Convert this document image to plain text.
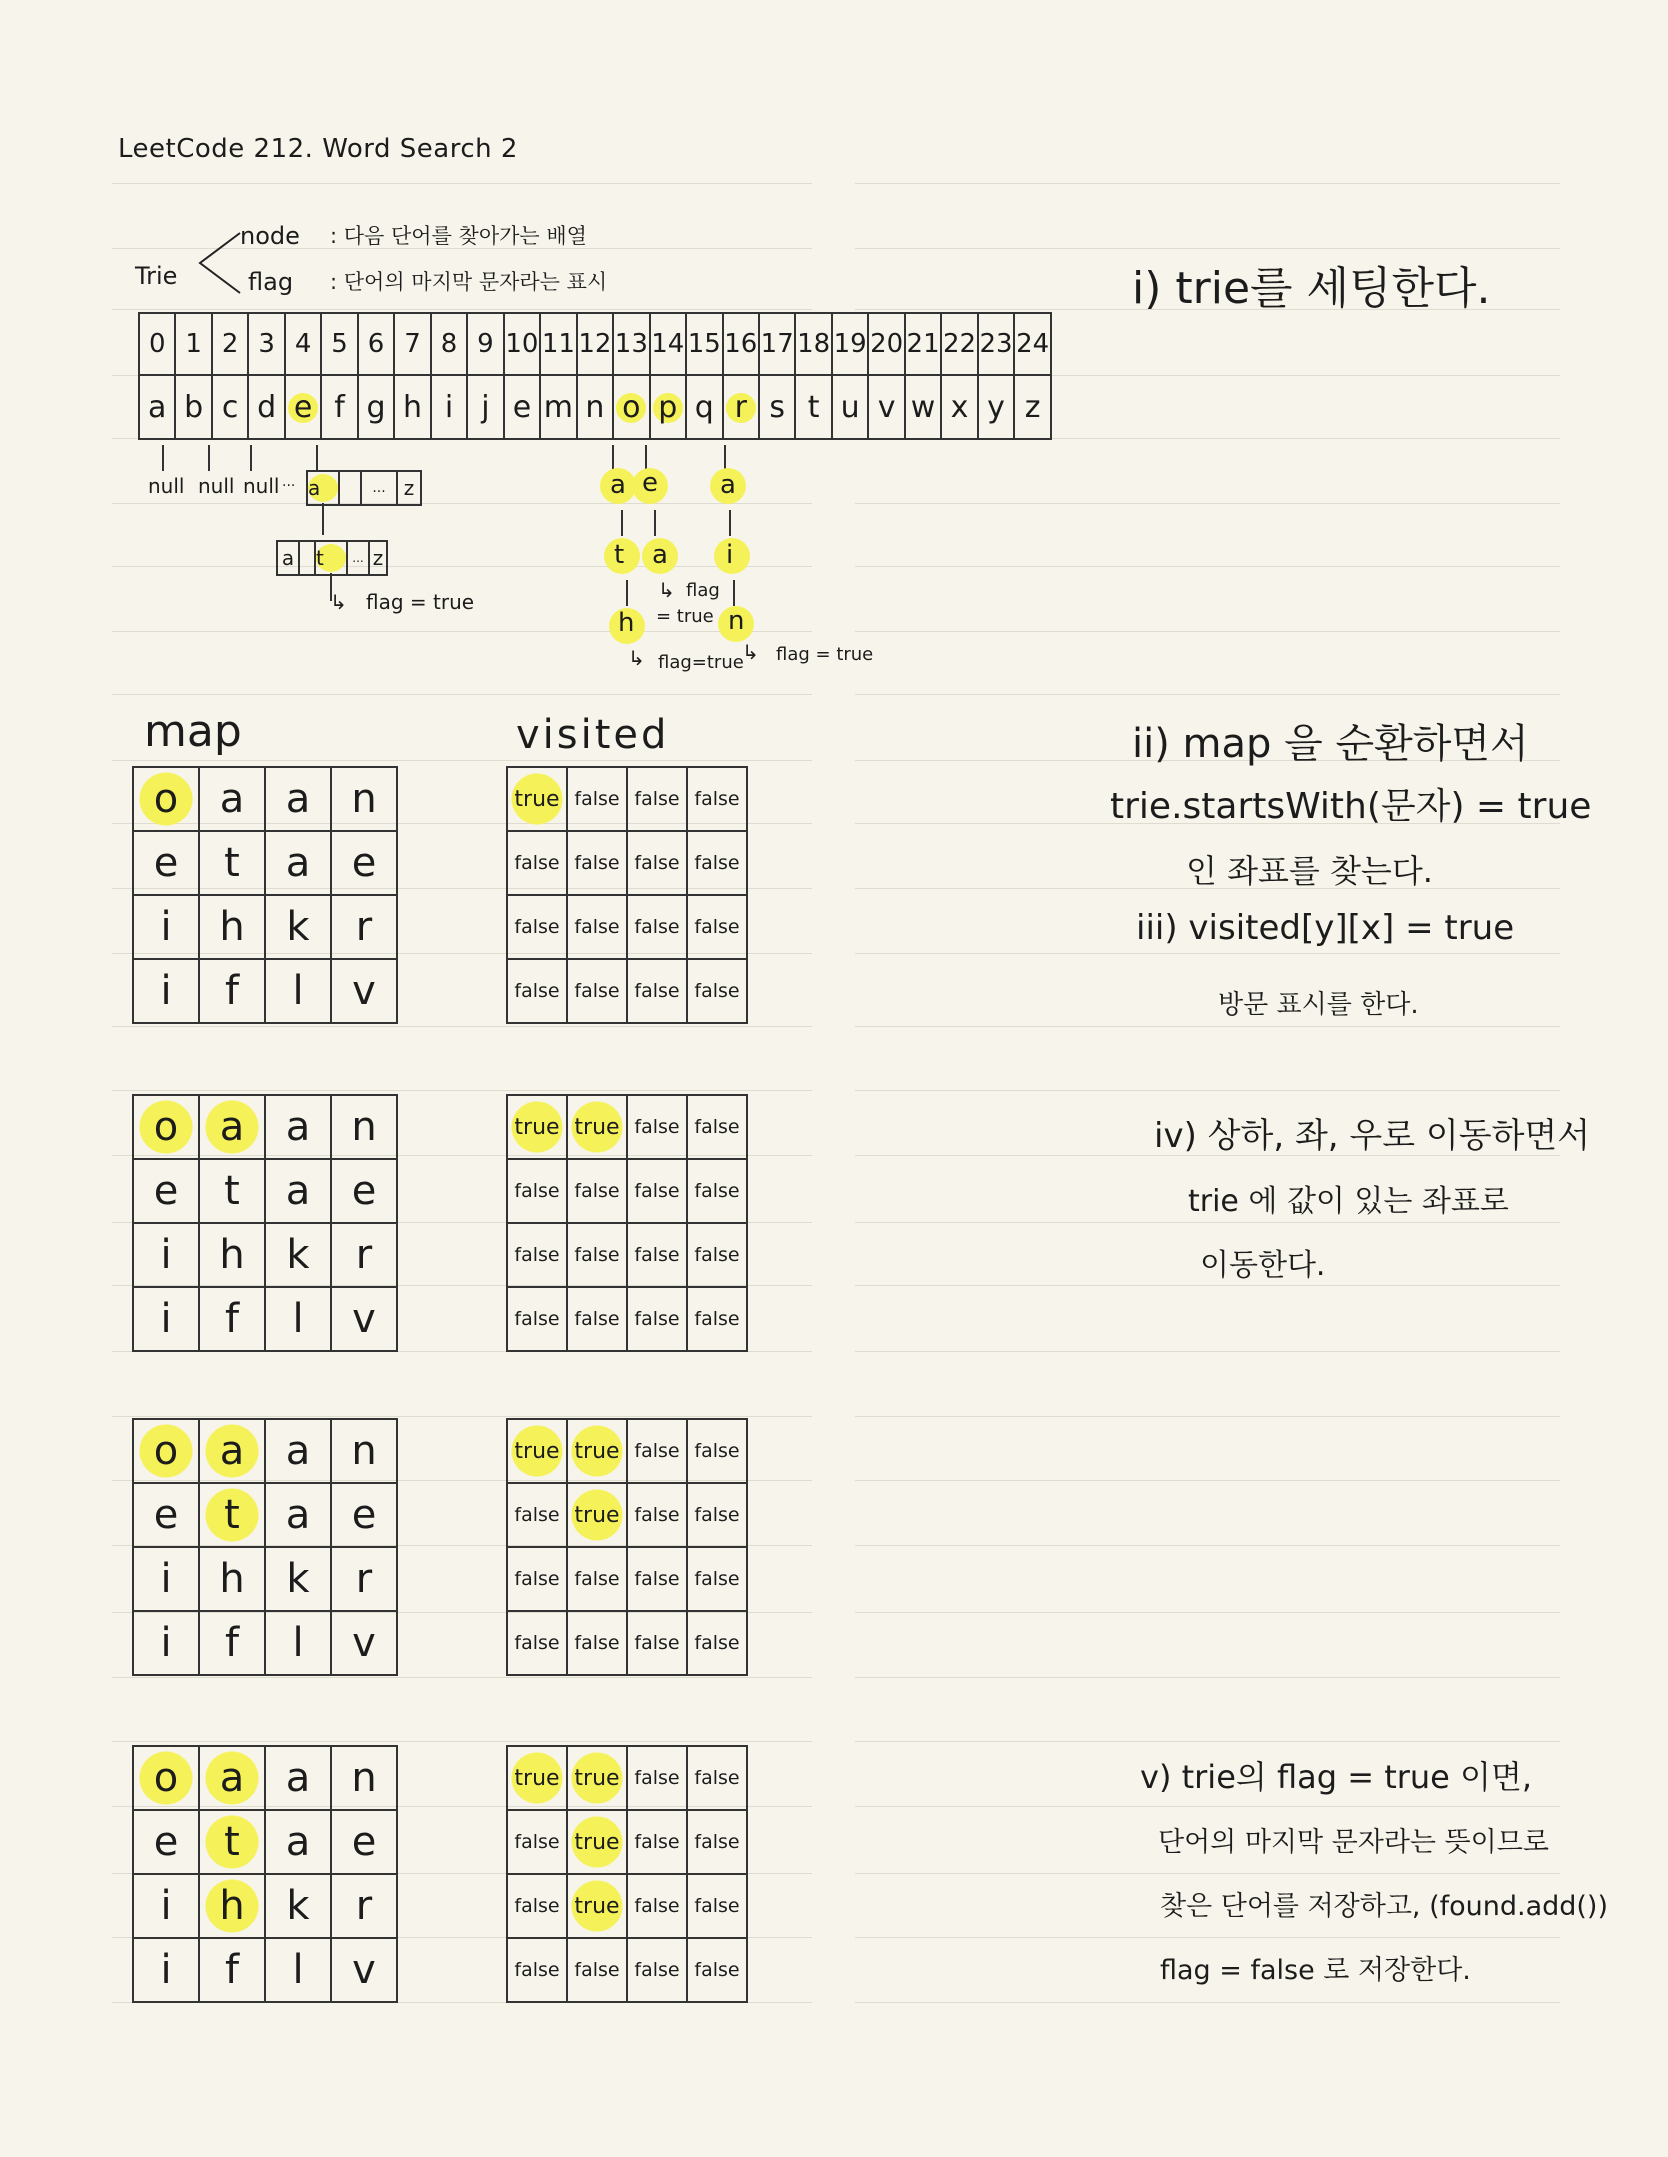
LeetCode 212. Word Search 2
Trie
node : 다음 단어를 찾아가는 배열
flag : 단어의 마지막 문자라는 표시
0	1	2	3	4	5	6	7	8	9	10	11	12	13	14	15	16	17	18	19	20	21	22	23	24
a	b	c	d	e	f	g	h	i	j	e	m	n	o	p	q	r	s	t	u	v	w	x	y	z
null null null ... a	... z
a t	... z
↳ flag = true
a
t
h
↳ flag=true
e
a
↳ flag
= true
a
i
n
↳ flag = true
map	visited
o	a	a	n
e	t	a	e
i	h	k	r
i	f	l	v
true	false	false	false
false	false	false	false
false	false	false	false
false	false	false	false
o	a	a	n
e	t	a	e
i	h	k	r
i	f	l	v
true	true	false	false
false	false	false	false
false	false	false	false
false	false	false	false
o	a	a	n
e	t	a	e
i	h	k	r
i	f	l	v
true	true	false	false
false	true	false	false
false	false	false	false
false	false	false	false
o	a	a	n
e	t	a	e
i	h	k	r
i	f	l	v
true	true	false	false
false	true	false	false
false	true	false	false
false	false	false	false
i) trie를 세팅한다.
ii) map 을 순환하면서
trie.startsWith(문자) = true
인 좌표를 찾는다.
iii) visited[y][x] = true
방문 표시를 한다.
iv) 상하, 좌, 우로 이동하면서
trie 에 값이 있는 좌표로
이동한다.
v) trie의 flag = true 이면,
단어의 마지막 문자라는 뜻이므로
찾은 단어를 저장하고, (found.add())
flag = false 로 저장한다.
